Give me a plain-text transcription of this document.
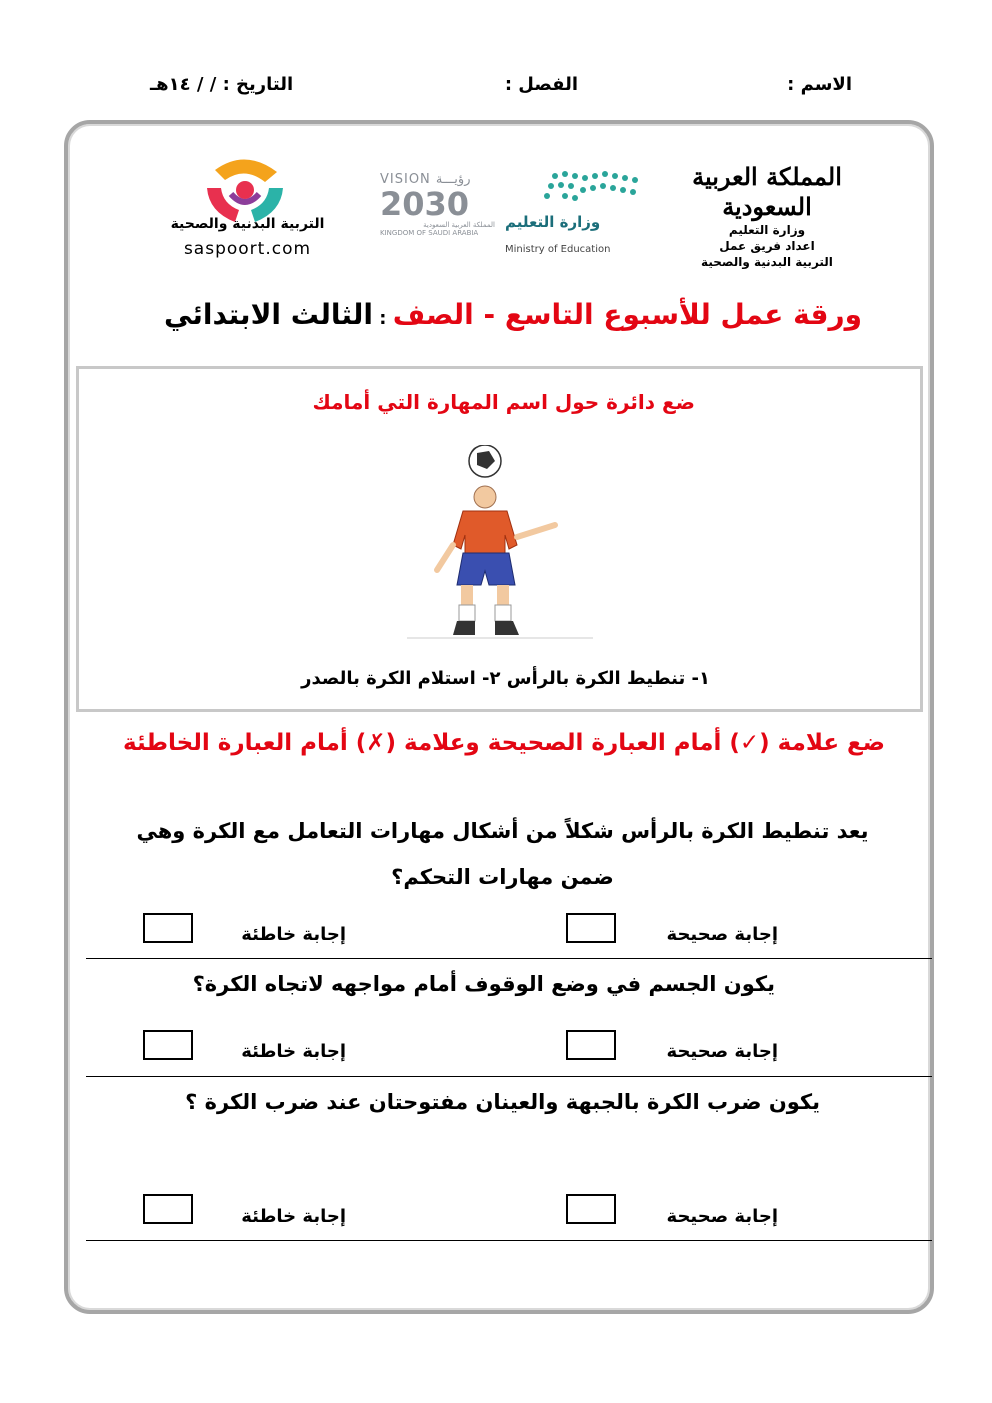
الاسم :
الفصل :
التاريخ : / / ١٤هـ
المملكة العربية السعودية
وزارة التعليم
اعداد فريق عمل
التربية البدنية والصحية
وزارة التعليم
Ministry of Education
VISION رؤيـــة
2030
المملكة العربية السعودية
KINGDOM OF SAUDI ARABIA
التربية البدنية والصحية
saspoort.com
ورقة عمل للأسبوع التاسع - الصف : الثالث الابتدائي
ضع دائرة حول اسم المهارة التي أمامك
١- تنطيط الكرة بالرأس ٢- استلام الكرة بالصدر
ضع علامة (✓) أمام العبارة الصحيحة وعلامة (✗) أمام العبارة الخاطئة
يعد تنطيط الكرة بالرأس شكلاً من أشكال مهارات التعامل مع الكرة وهي ضمن مهارات التحكم؟
إجابة صحيحة
إجابة خاطئة
يكون الجسم في وضع الوقوف أمام مواجهه لاتجاه الكرة؟
إجابة صحيحة
إجابة خاطئة
يكون ضرب الكرة بالجبهة والعينان مفتوحتان عند ضرب الكرة ؟
إجابة صحيحة
إجابة خاطئة
